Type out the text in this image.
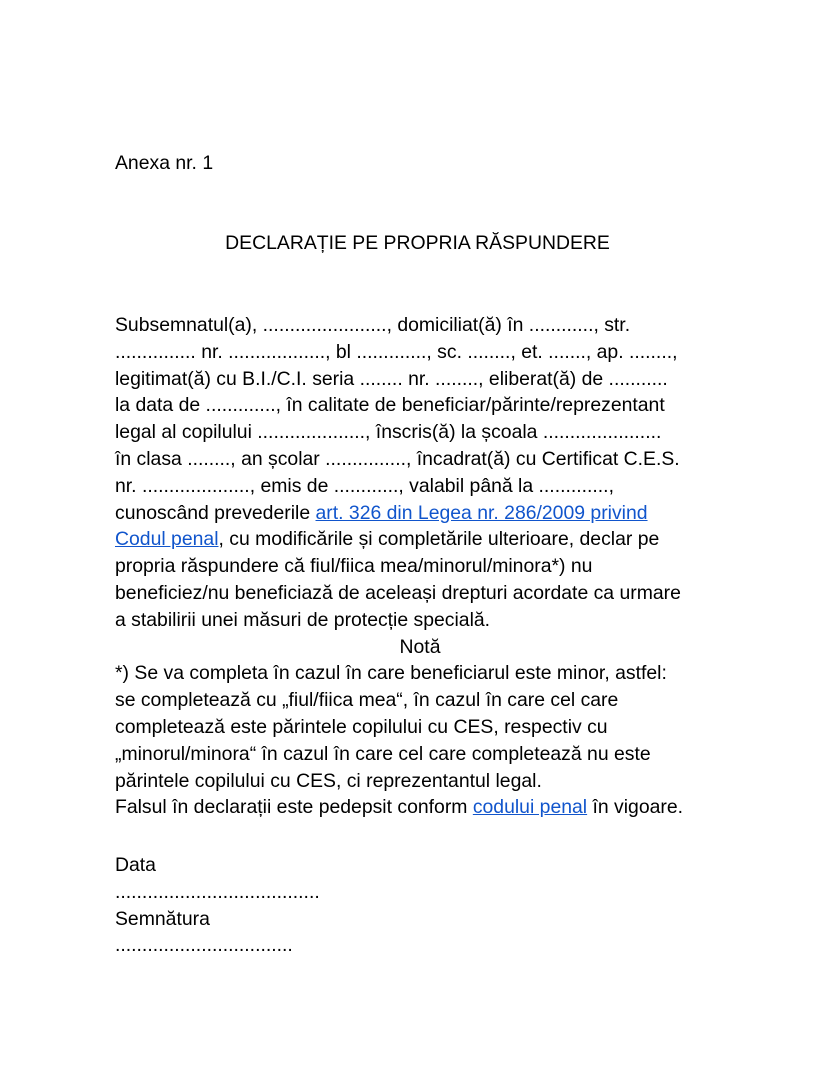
Anexa nr. 1
DECLARAȚIE PE PROPRIA RĂSPUNDERE
Subsemnatul(a), ......................., domiciliat(ă) în ............, str.
............... nr. .................., bl ............., sc. ........, et. ......., ap. ........,
legitimat(ă) cu B.I./C.I. seria ........ nr. ........, eliberat(ă) de ...........
la data de ............., în calitate de beneficiar/părinte/reprezentant
legal al copilului ...................., înscris(ă) la școala ......................
în clasa ........, an școlar ..............., încadrat(ă) cu Certificat C.E.S.
nr. ...................., emis de ............, valabil până la .............,
cunoscând prevederile art. 326 din Legea nr. 286/2009 privind
Codul penal, cu modificările și completările ulterioare, declar pe
propria răspundere că fiul/fiica mea/minorul/minora*) nu
beneficiez/nu beneficiază de aceleași drepturi acordate ca urmare
a stabilirii unei măsuri de protecție specială.
Notă
*) Se va completa în cazul în care beneficiarul este minor, astfel:
se completează cu „fiul/fiica mea“, în cazul în care cel care
completează este părintele copilului cu CES, respectiv cu
„minorul/minora“ în cazul în care cel care completează nu este
părintele copilului cu CES, ci reprezentantul legal.
Falsul în declarații este pedepsit conform codului penal în vigoare.
Data
......................................
Semnătura
.................................
